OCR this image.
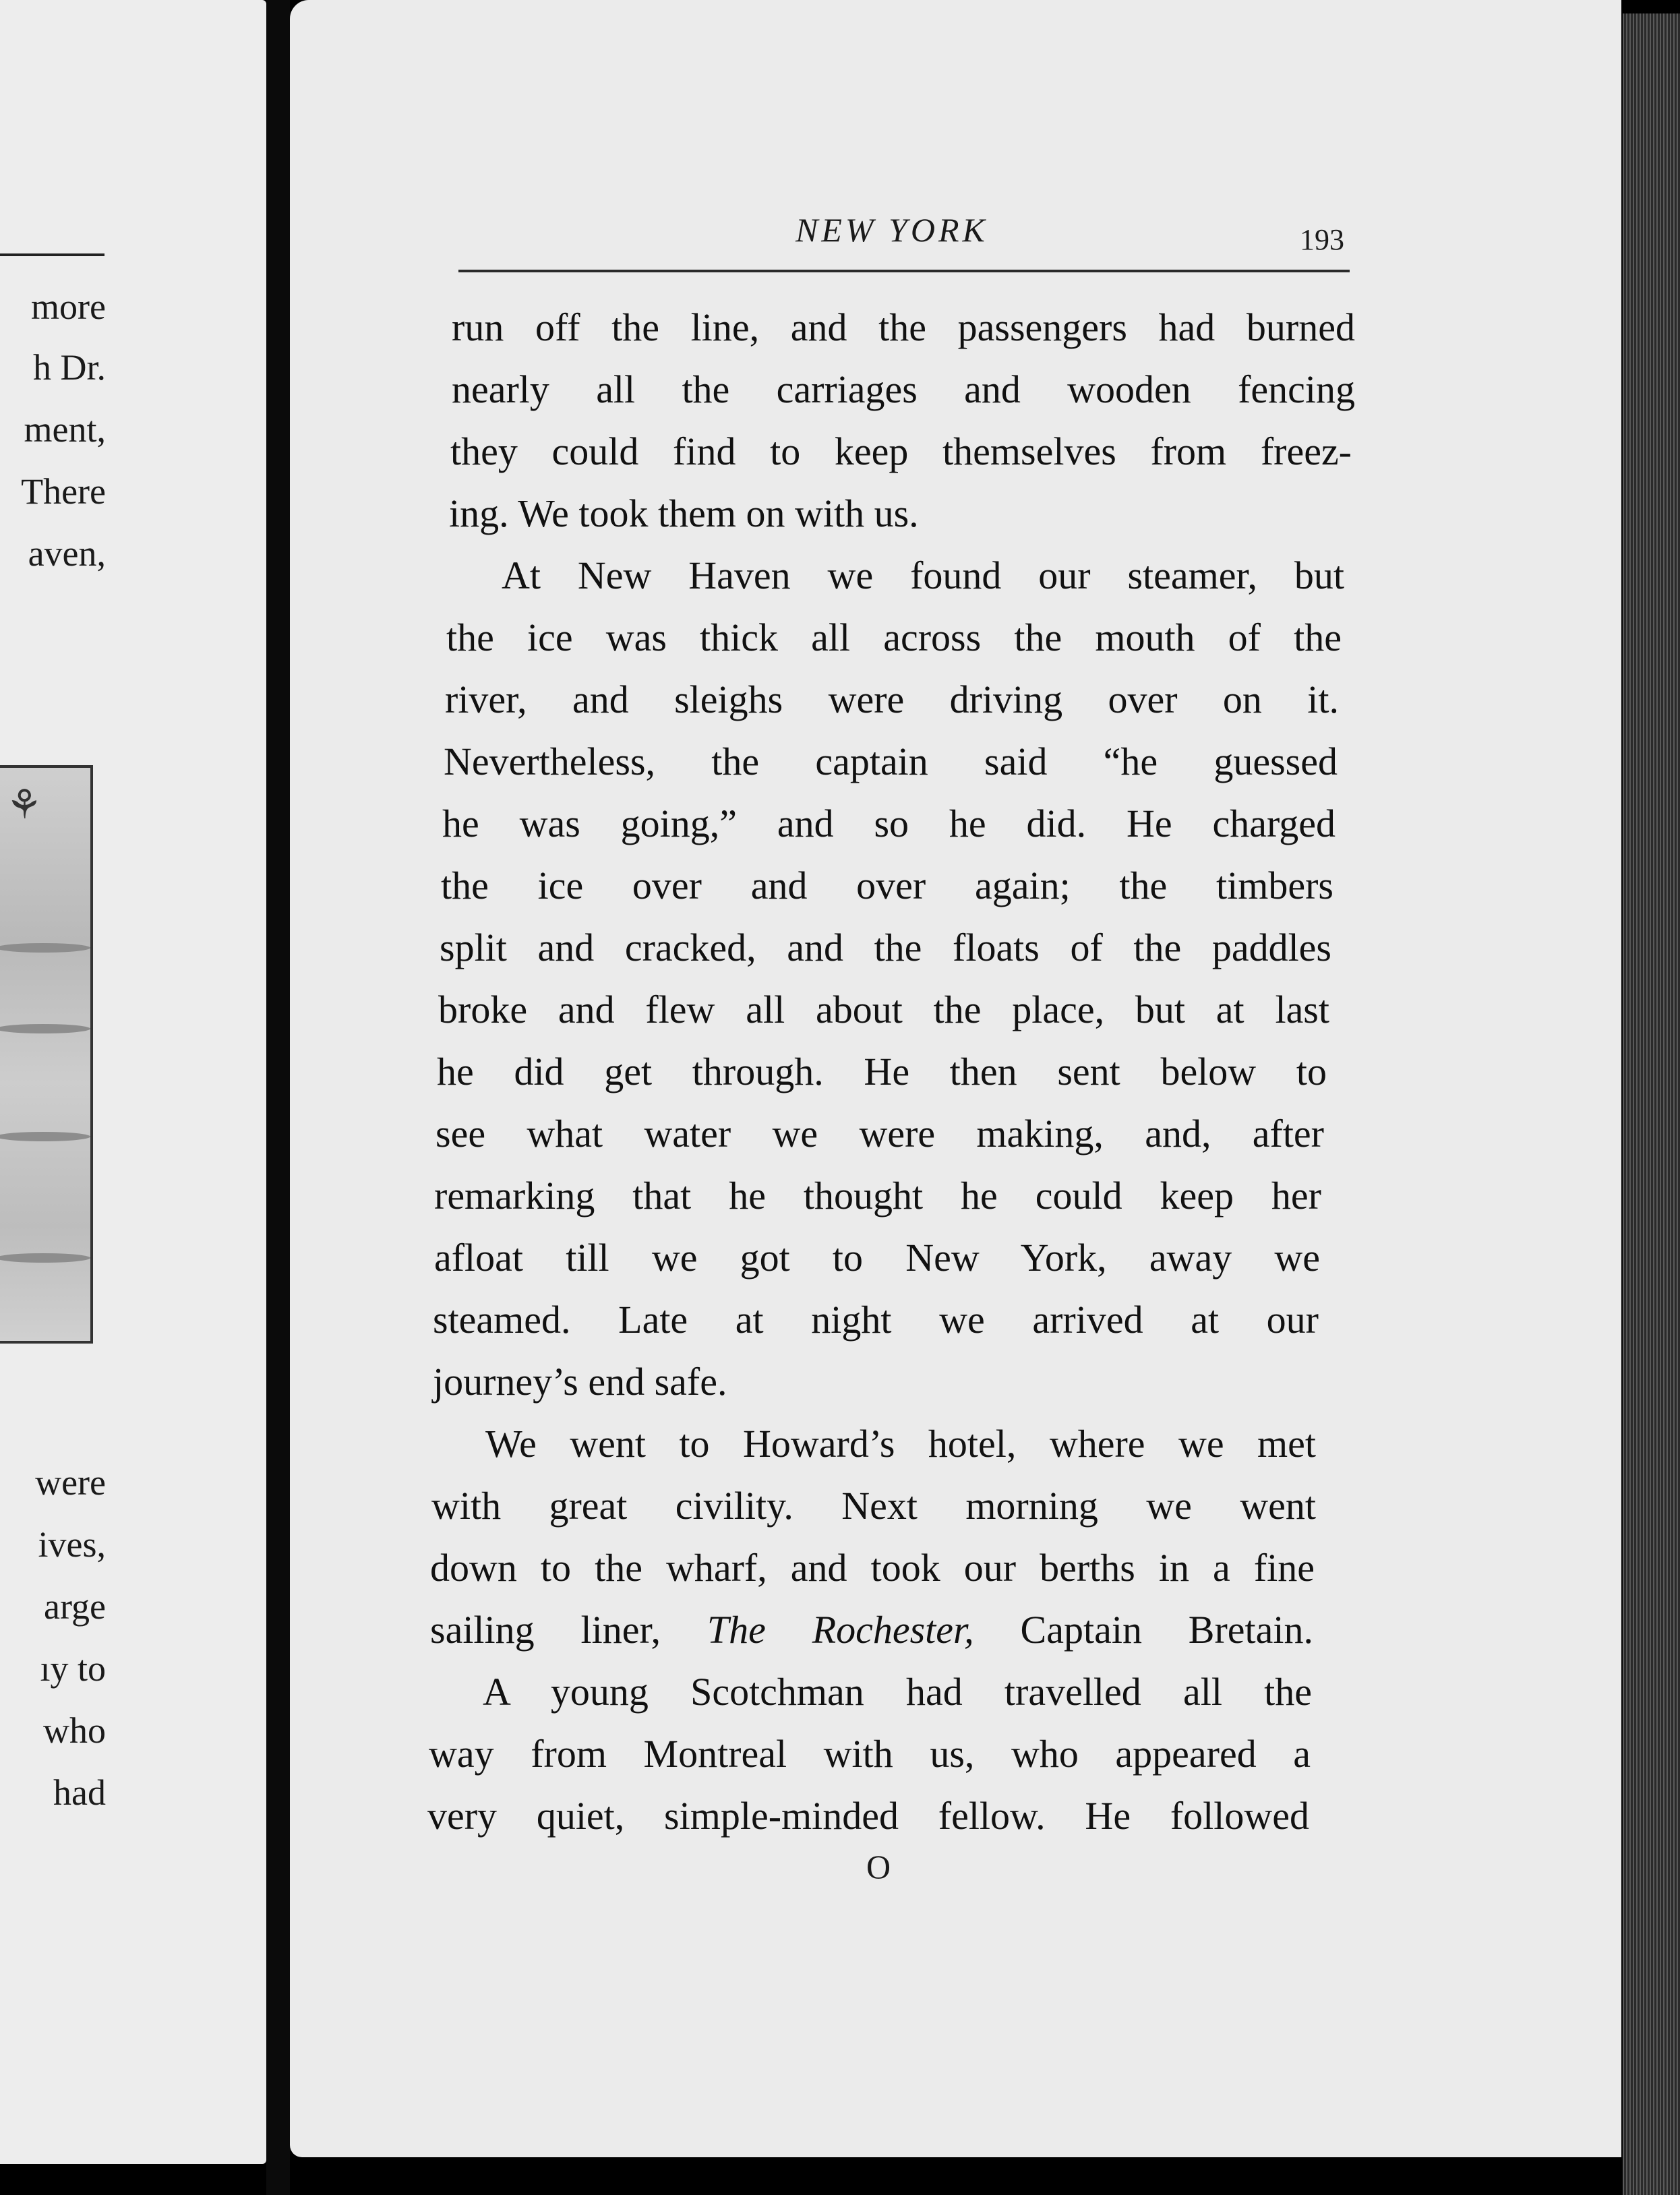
more
h Dr.
ment,
There
aven,
⚘
were
ives,
arge
ıy to
who
had
NEW YORK	193
run off the line, and the passengers had burned
nearly all the carriages and wooden fencing
they could find to keep themselves from freez-
ing. We took them on with us.
At New Haven we found our steamer, but
the ice was thick all across the mouth of the
river, and sleighs were driving over on it.
Nevertheless, the captain said “he guessed
he was going,” and so he did. He charged
the ice over and over again; the timbers
split and cracked, and the floats of the paddles
broke and flew all about the place, but at last
he did get through. He then sent below to
see what water we were making, and, after
remarking that he thought he could keep her
afloat till we got to New York, away we
steamed. Late at night we arrived at our
journey’s end safe.
We went to Howard’s hotel, where we met
with great civility. Next morning we went
down to the wharf, and took our berths in a fine
sailing liner, The Rochester, Captain Bretain.
A young Scotchman had travelled all the
way from Montreal with us, who appeared a
very quiet, simple-minded fellow. He followed
O
